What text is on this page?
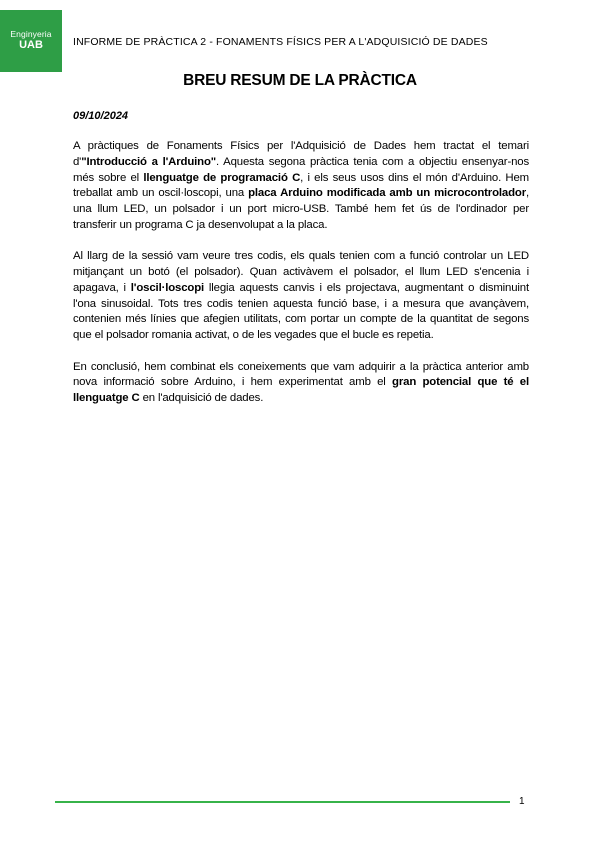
Enginyeria
UAB	INFORME DE PRÀCTICA 2 - FONAMENTS FÍSICS PER A L'ADQUISICIÓ DE DADES
BREU RESUM DE LA PRÀCTICA
09/10/2024

A pràctiques de Fonaments Físics per l'Adquisició de Dades hem tractat el temari d'"Introducció a l'Arduino". Aquesta segona pràctica tenia com a objectiu ensenyar-nos més sobre el llenguatge de programació C, i els seus usos dins el món d'Arduino. Hem treballat amb un oscil·loscopi, una placa Arduino modificada amb un microcontrolador, una llum LED, un polsador i un port micro-USB. També hem fet ús de l'ordinador per transferir un programa C ja desenvolupat a la placa.

Al llarg de la sessió vam veure tres codis, els quals tenien com a funció controlar un LED mitjançant un botó (el polsador). Quan activàvem el polsador, el llum LED s'encenia i apagava, i l'oscil·loscopi llegia aquests canvis i els projectava, augmentant o disminuint l'ona sinusoidal. Tots tres codis tenien aquesta funció base, i a mesura que avançàvem, contenien més línies que afegien utilitats, com portar un compte de la quantitat de segons que el polsador romania activat, o de les vegades que el bucle es repetia.

En conclusió, hem combinat els coneixements que vam adquirir a la pràctica anterior amb nova informació sobre Arduino, i hem experimentat amb el gran potencial que té el llenguatge C en l'adquisició de dades.

1
